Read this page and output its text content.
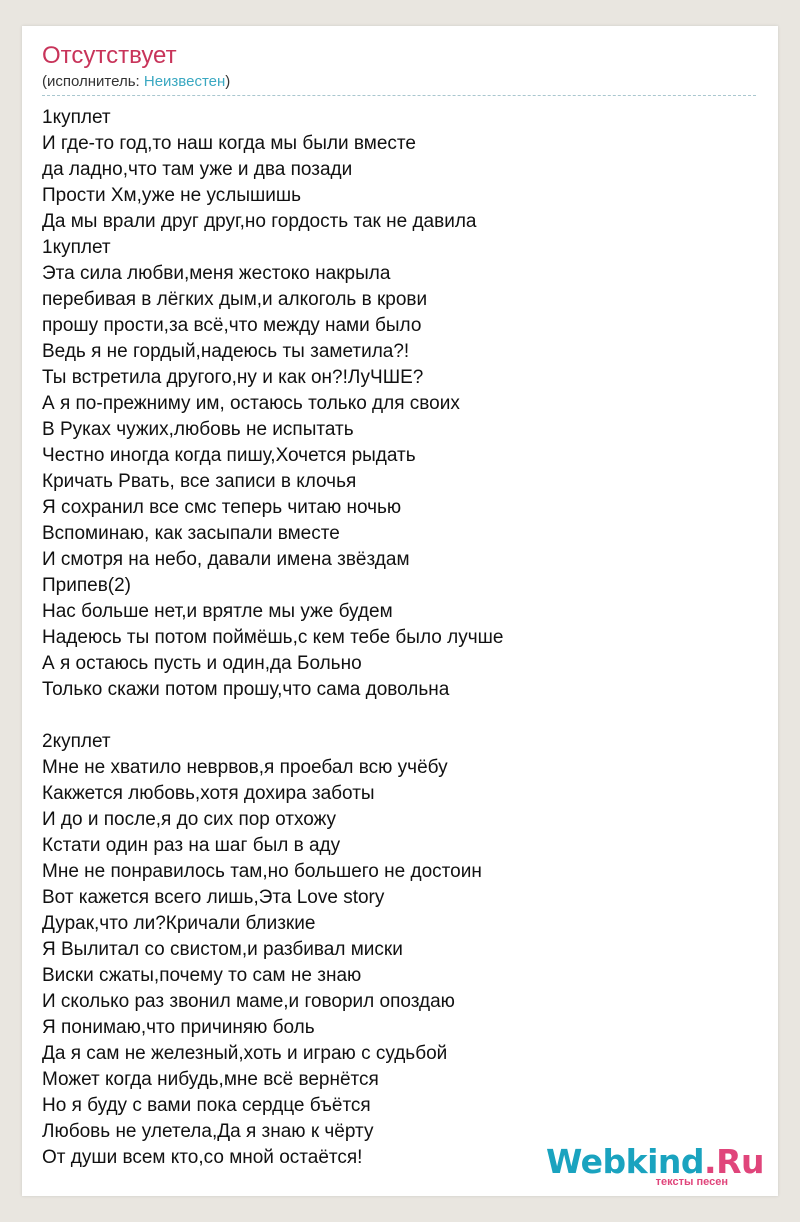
Отсутствует
(исполнитель: Неизвестен)
1куплет
И где-то год,то наш когда мы были вместе
да ладно,что там уже и два позади
Прости Хм,уже не услышишь
Да мы врали друг друг,но гордость так не давила
1куплет
Эта сила любви,меня жестоко накрыла
перебивая в лёгких дым,и алкоголь в крови
прошу прости,за всё,что между нами было
Ведь я не гордый,надеюсь ты заметила?!
Ты встретила другого,ну и как он?!ЛуЧШЕ?
А я по-прежниму им, остаюсь только для своих
В Руках чужих,любовь не испытать
Честно иногда когда пишу,Хочется рыдать
Кричать Рвать, все записи в клочья
Я сохранил все смс теперь читаю ночью
Вспоминаю, как засыпали вместе
И смотря на небо, давали имена звёздам
Припев(2)
Нас больше нет,и врятле мы уже будем
Надеюсь ты потом поймёшь,с кем тебе было лучше
А я остаюсь пусть и один,да Больно
Только скажи потом прошу,что сама довольна
2куплет
Мне не хватило неврвов,я проебал всю учёбу
Какжется любовь,хотя дохира заботы
И до и после,я до сих пор отхожу
Кстати один раз на шаг был в аду
Мне не понравилось там,но большего не достоин
Вот кажется всего лишь,Эта Love story
Дурак,что ли?Кричали близкие
Я Вылитал со свистом,и разбивал миски
Виски сжаты,почему то сам не знаю
И сколько раз звонил маме,и говорил опоздаю
Я понимаю,что причиняю боль
Да я сам не железный,хоть и играю с судьбой
Может когда нибудь,мне всё вернётся
Но я буду с вами пока сердце бъётся
Любовь не улетела,Да я знаю к чёрту
От души всем кто,со мной остаётся!	Webkind.Ru
тексты песен
